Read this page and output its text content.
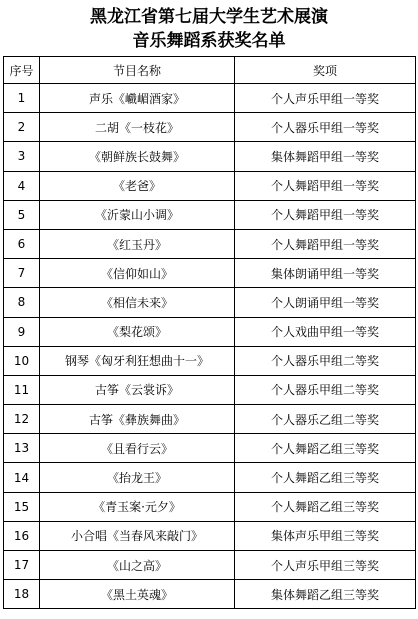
黑龙江省第七届大学生艺术展演
音乐舞蹈系获奖名单
序号	节目名称	奖项
1	声乐《巇嵋酒家》	个人声乐甲组一等奖
2	二胡《一枝花》	个人器乐甲组一等奖
3	《朝鲜族长鼓舞》	集体舞蹈甲组一等奖
4	《老爸》	个人舞蹈甲组一等奖
5	《沂蒙山小调》	个人舞蹈甲组一等奖
6	《红玉丹》	个人舞蹈甲组一等奖
7	《信仰如山》	集体朗诵甲组一等奖
8	《相信未来》	个人朗诵甲组一等奖
9	《梨花颂》	个人戏曲甲组一等奖
10	钢琴《匈牙利狂想曲十一》	个人器乐甲组二等奖
11	古筝《云裳诉》	个人器乐甲组二等奖
12	古筝《彝族舞曲》	个人器乐乙组二等奖
13	《且看行云》	个人舞蹈乙组三等奖
14	《抬龙王》	个人舞蹈乙组三等奖
15	《青玉案·元夕》	个人舞蹈乙组三等奖
16	小合唱《当春风来敲门》	集体声乐甲组三等奖
17	《山之高》	个人声乐甲组三等奖
18	《黑土英魂》	集体舞蹈乙组三等奖
